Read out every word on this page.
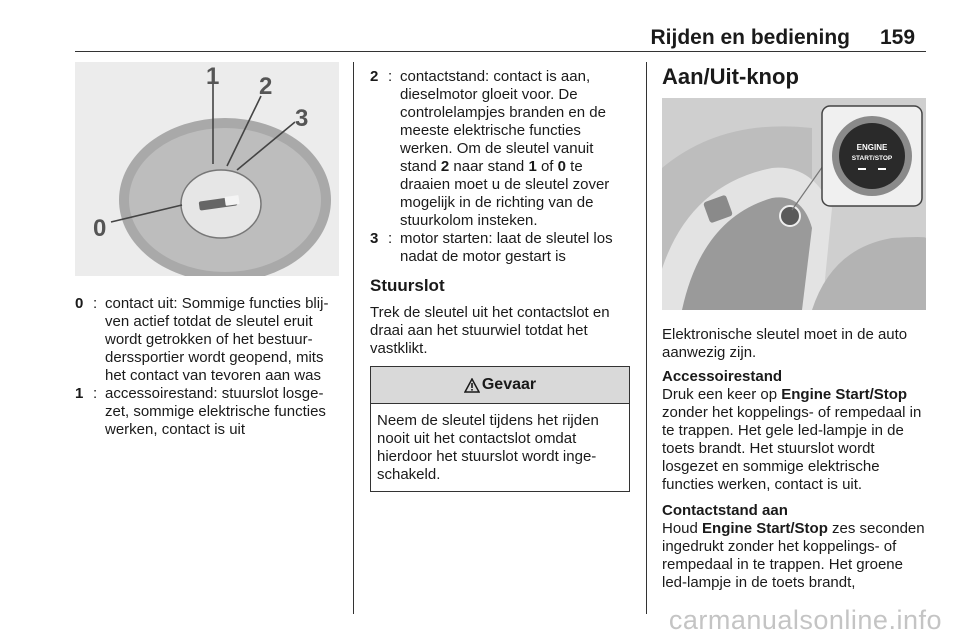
Rijden en bediening 159
1 2
3
0
0 : contact uit: Sommige functies blijven actief totdat de sleutel eruit wordt getrokken of het bestuurderssportier wordt geopend, mits het contact van tevoren aan was
1 : accessoirestand: stuurslot losgezet, sommige elektrische functies werken, contact is uit
2 : contactstand: contact is aan, dieselmotor gloeit voor. De controlelampjes branden en de meeste elektrische functies werken. Om de sleutel vanuit stand 2 naar stand 1 of 0 te draaien moet u de sleutel zover mogelijk in de richting van de stuurkolom insteken.
3 : motor starten: laat de sleutel los nadat de motor gestart is
Stuurslot
Trek de sleutel uit het contactslot en draai aan het stuurwiel totdat het vastklikt.
Gevaar
Neem de sleutel tijdens het rijden nooit uit het contactslot omdat hierdoor het stuurslot wordt ingeschakeld.
Aan/Uit-knop
ENGINE
START/STOP
Elektronische sleutel moet in de auto aanwezig zijn.
Accessoirestand
Druk een keer op Engine Start/Stop zonder het koppelings- of rempedaal in te trappen. Het gele led-lampje in de toets brandt. Het stuurslot wordt losgezet en sommige elektrische functies werken, contact is uit.
Contactstand aan
Houd Engine Start/Stop zes seconden ingedrukt zonder het koppelings- of rempedaal in te trappen. Het groene led-lampje in de toets brandt,
carmanualsonline.info
